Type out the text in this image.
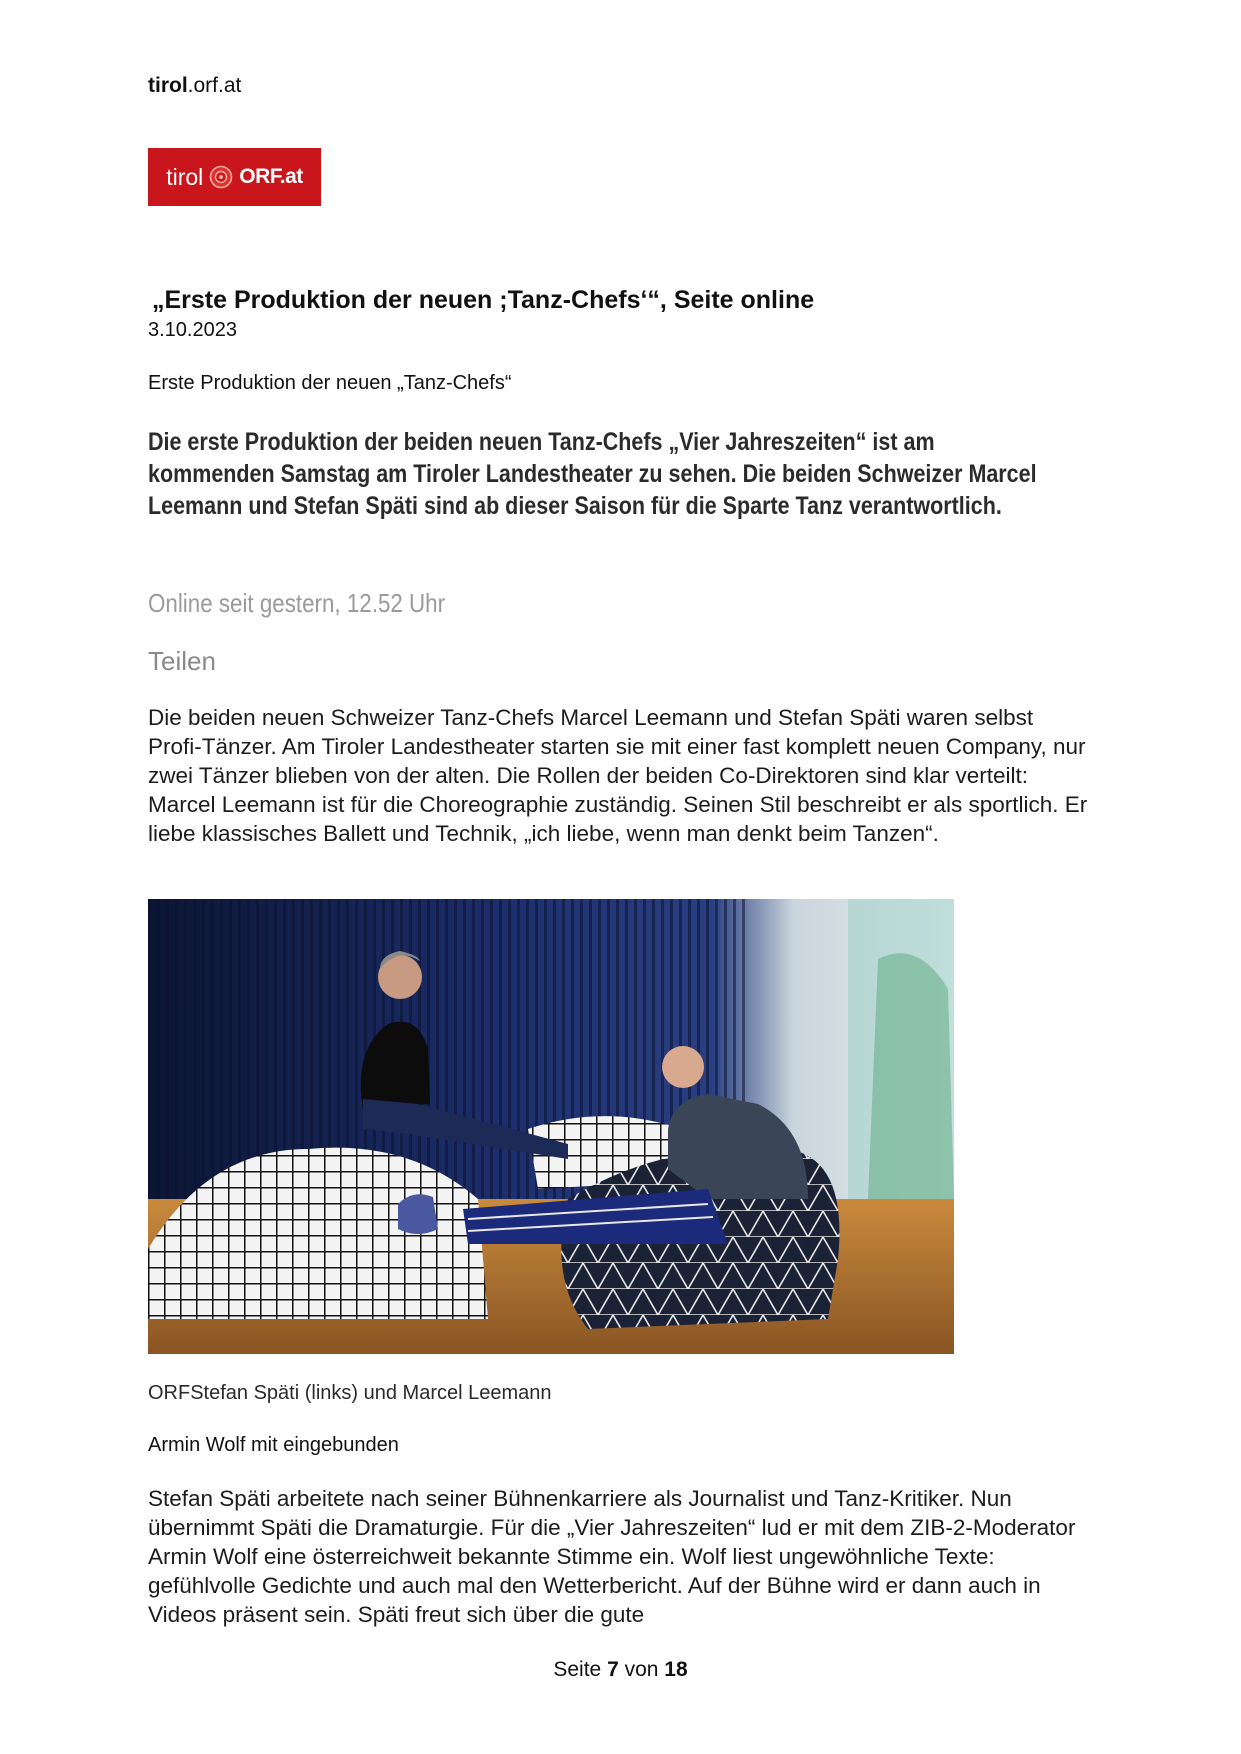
tirol.orf.at
tirol ORF.at
„Erste Produktion der neuen ;Tanz-Chefs‘“, Seite online
3.10.2023
Erste Produktion der neuen „Tanz-Chefs“

Die erste Produktion der beiden neuen Tanz-Chefs „Vier Jahreszeiten“ ist am kommenden Samstag am Tiroler Landestheater zu sehen. Die beiden Schweizer Marcel Leemann und Stefan Späti sind ab dieser Saison für die Sparte Tanz verantwortlich.

Online seit gestern, 12.52 Uhr
Teilen

Die beiden neuen Schweizer Tanz-Chefs Marcel Leemann und Stefan Späti waren selbst Profi-Tänzer. Am Tiroler Landestheater starten sie mit einer fast komplett neuen Company, nur zwei Tänzer blieben von der alten. Die Rollen der beiden Co-Direktoren sind klar verteilt: Marcel Leemann ist für die Choreographie zuständig. Seinen Stil beschreibt er als sportlich. Er liebe klassisches Ballett und Technik, „ich liebe, wenn man denkt beim Tanzen“.

ORFStefan Späti (links) und Marcel Leemann
Armin Wolf mit eingebunden

Stefan Späti arbeitete nach seiner Bühnenkarriere als Journalist und Tanz-Kritiker. Nun übernimmt Späti die Dramaturgie. Für die „Vier Jahreszeiten“ lud er mit dem ZIB-2-Moderator Armin Wolf eine österreichweit bekannte Stimme ein. Wolf liest ungewöhnliche Texte: gefühlvolle Gedichte und auch mal den Wetterbericht. Auf der Bühne wird er dann auch in Videos präsent sein. Späti freut sich über die gute

Seite 7 von 18
